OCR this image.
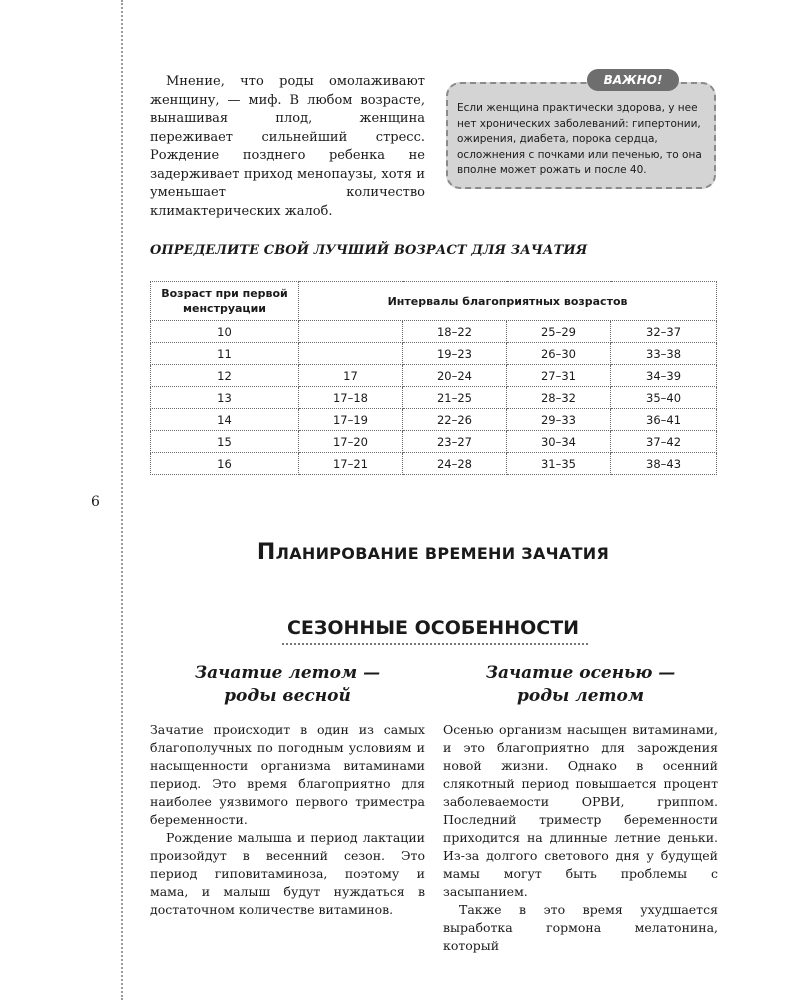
6

Мнение, что роды омолаживают женщину, — миф. В любом возрасте, вынашивая плод, женщина переживает сильнейший стресс. Рождение позднего ребенка не задерживает приход менопаузы, хотя и уменьшает количество климактерических жалоб.

ВАЖНО!

Если женщина практически здорова, у нее нет хронических заболеваний: гипертонии, ожирения, диабета, порока сердца, осложнения с почками или печенью, то она вполне может рожать и после 40.

ОПРЕДЕЛИТЕ СВОЙ ЛУЧШИЙ ВОЗРАСТ ДЛЯ ЗАЧАТИЯ
Возраст при первой менструации	Интервалы благоприятных возрастов			
10		18–22	25–29	32–37
11		19–23	26–30	33–38
12	17	20–24	27–31	34–39
13	17–18	21–25	28–32	35–40
14	17–19	22–26	29–33	36–41
15	17–20	23–27	30–34	37–42
16	17–21	24–28	31–35	38–43
ПЛАНИРОВАНИЕ ВРЕМЕНИ ЗАЧАТИЯ
СЕЗОННЫЕ ОСОБЕННОСТИ
Зачатие летом —
роды весной
Зачатие осенью —
роды летом

Зачатие происходит в один из самых благополучных по погодным условиям и насыщенности организма витаминами период. Это время благоприятно для наиболее уязвимого первого триместра беременности.

Рождение малыша и период лактации произойдут в весенний сезон. Это период гиповитаминоза, поэтому и мама, и малыш будут нуждаться в достаточном количестве витаминов.

Осенью организм насыщен витаминами, и это благоприятно для зарождения новой жизни. Однако в осенний слякотный период повышается процент заболеваемости ОРВИ, гриппом. Последний триместр беременности приходится на длинные летние деньки. Из-за долгого светового дня у будущей мамы могут быть проблемы с засыпанием.

Также в это время ухудшается выработка гормона мелатонина, который
